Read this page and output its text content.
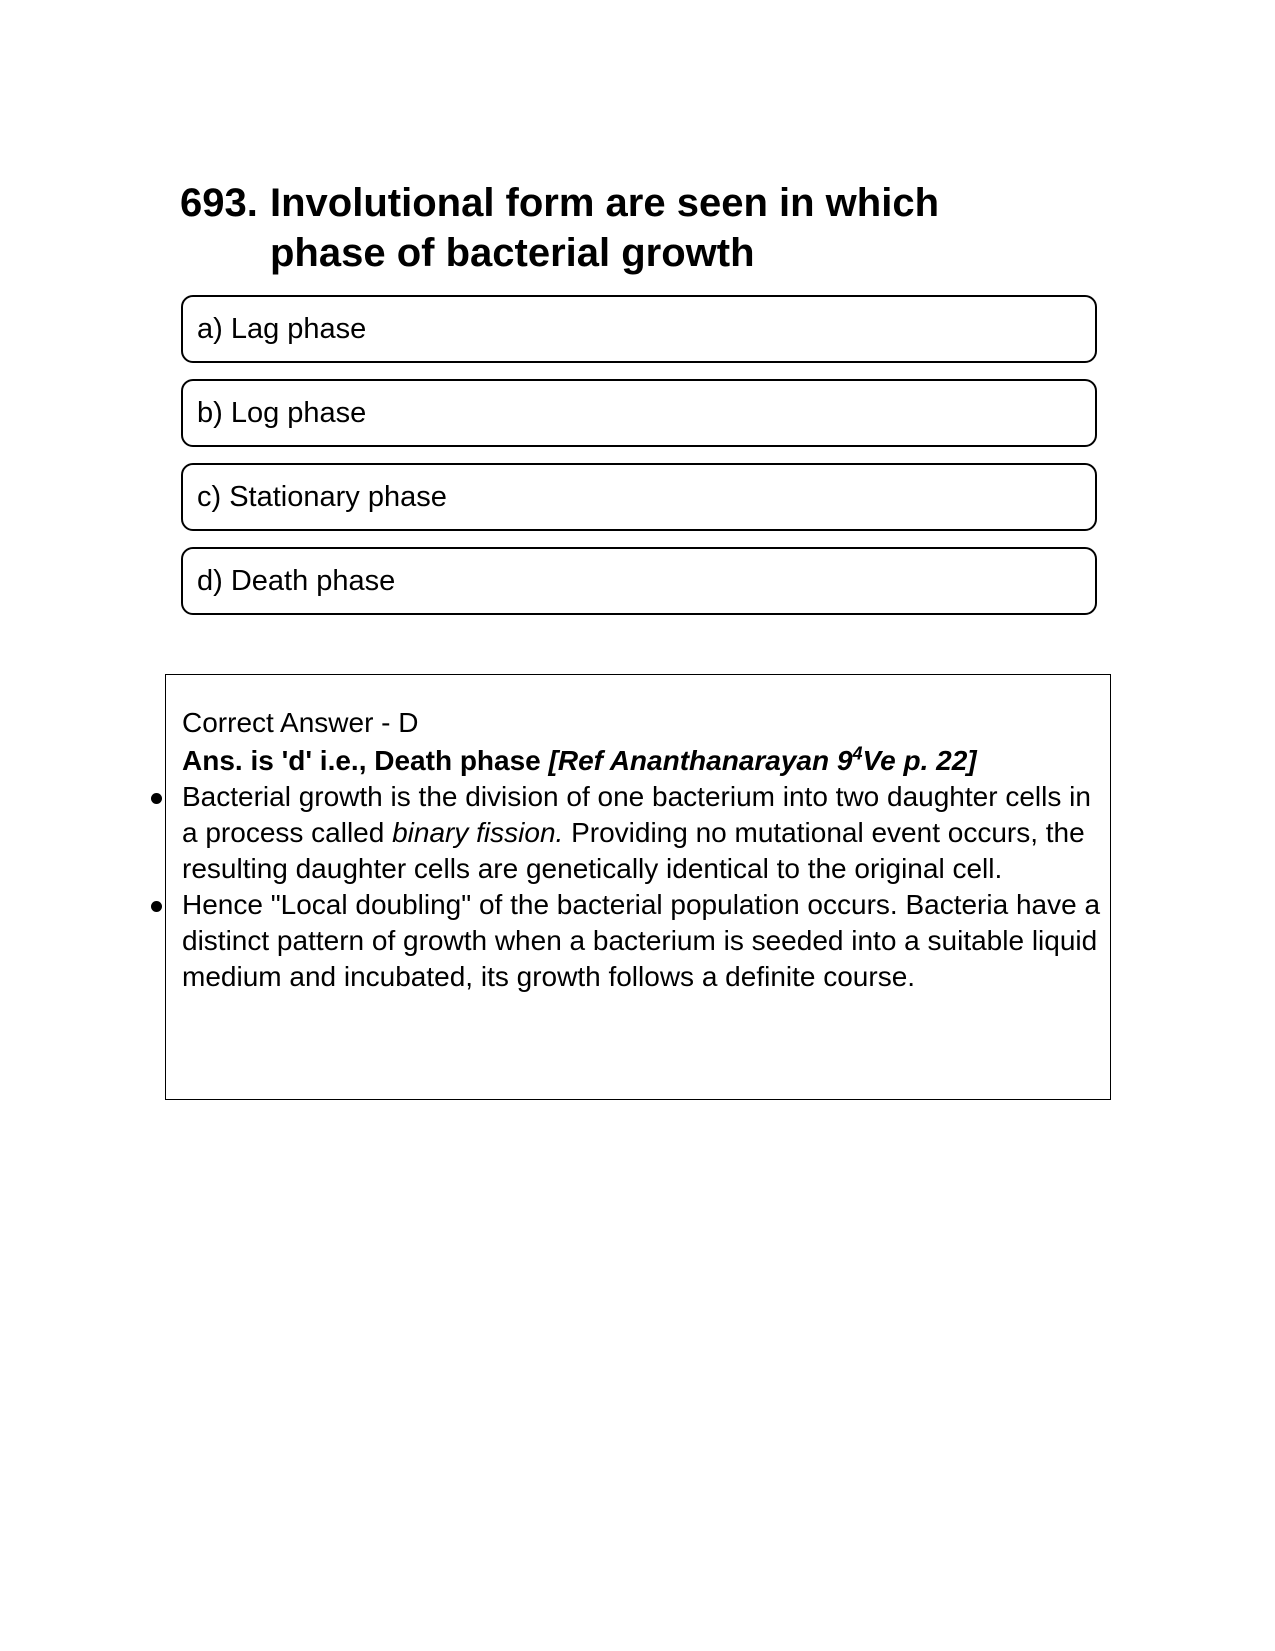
693. Involutional form are seen in which phase of bacterial growth
a) Lag phase
b) Log phase
c) Stationary phase
d) Death phase
Correct Answer - D
Ans. is 'd' i.e., Death phase [Ref Ananthanarayan $9^4Ve$ p. 22]
Bacterial growth is the division of one bacterium into two daughter cells in a process called binary fission. Providing no mutational event occurs, the resulting daughter cells are genetically identical to the original cell.
Hence "Local doubling" of the bacterial population occurs. Bacteria have a distinct pattern of growth when a bacterium is seeded into a suitable liquid medium and incubated, its growth follows a definite course.
